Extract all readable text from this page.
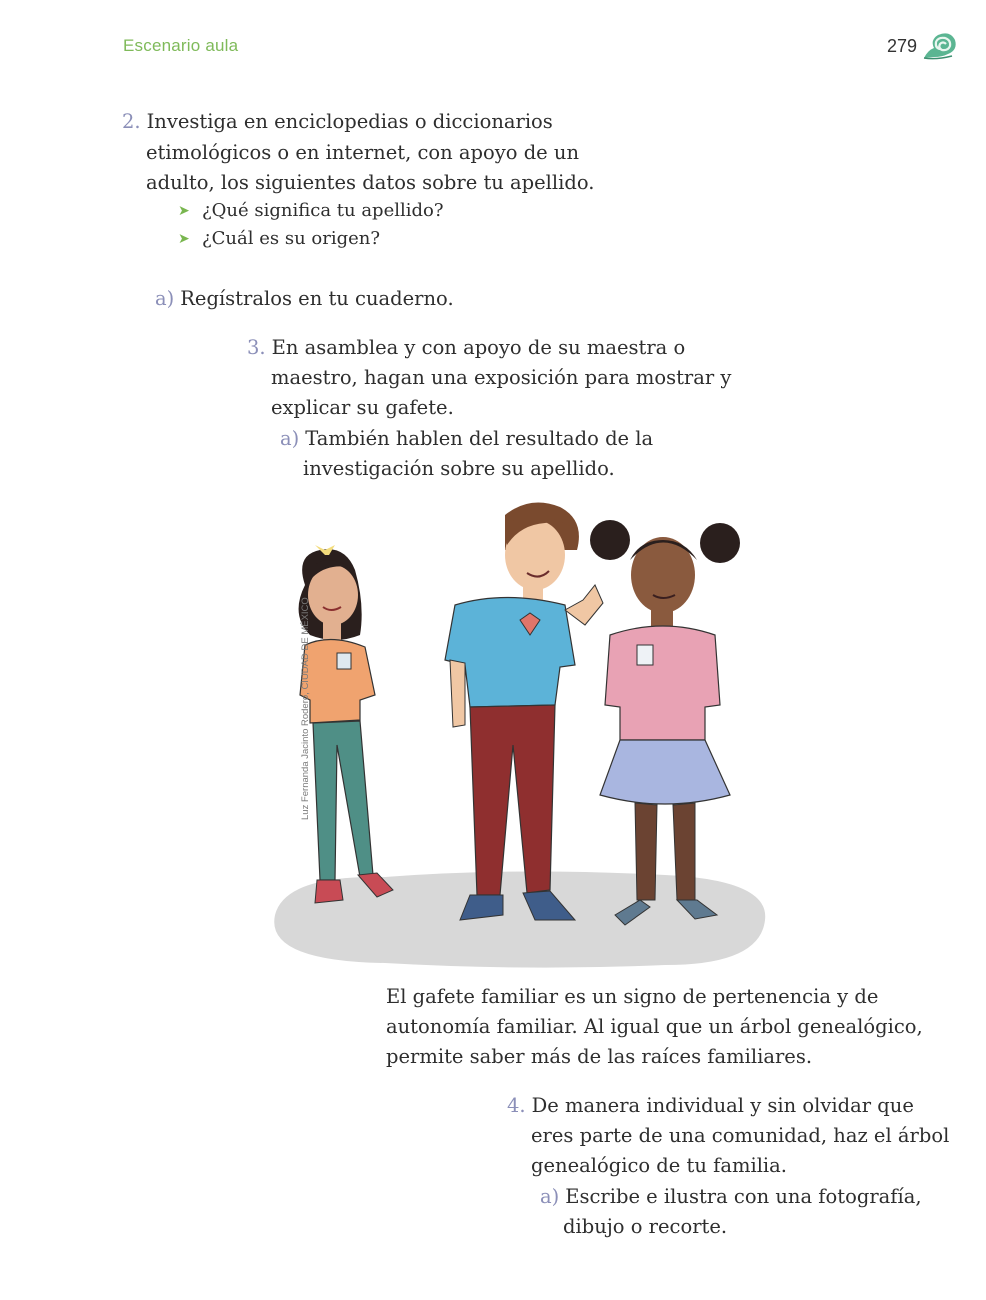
Escenario aula	279
2. Investiga en enciclopedias o diccionarios
etimológicos o en internet, con apoyo de un
adulto, los siguientes datos sobre tu apellido.
➤ ¿Qué significa tu apellido?
➤ ¿Cuál es su origen?
a) Regístralos en tu cuaderno.
3. En asamblea y con apoyo de su maestra o
maestro, hagan una exposición para mostrar y
explicar su gafete.
a) También hablen del resultado de la
investigación sobre su apellido.
Luz Fernanda Jacinto Rodero, CIUDAD DE MÉXICO
El gafete familiar es un signo de pertenencia y de
autonomía familiar. Al igual que un árbol genealógico,
permite saber más de las raíces familiares.
4. De manera individual y sin olvidar que
eres parte de una comunidad, haz el árbol
genealógico de tu familia.
a) Escribe e ilustra con una fotografía,
dibujo o recorte.
